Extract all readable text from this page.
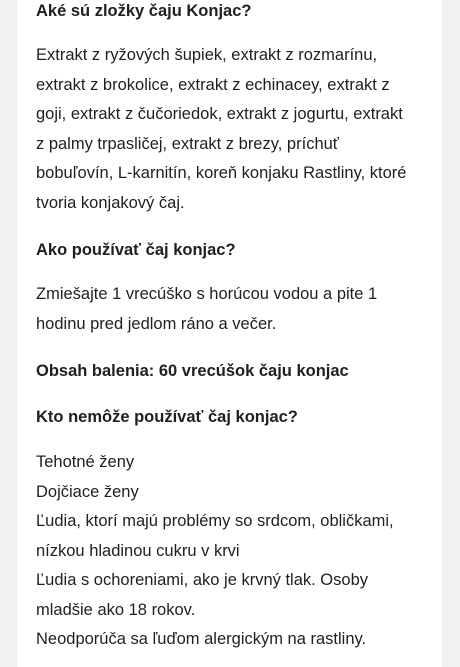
Aké sú zložky čaju Konjac?
Extrakt z ryžových šupiek, extrakt z rozmarínu,
extrakt z brokolice, extrakt z echinacey, extrakt z
goji, extrakt z čučoriedok, extrakt z jogurtu, extrakt
z palmy trpasličej, extrakt z brezy, príchuť
bobuľovín, L-karnitín, koreň konjaku Rastliny, ktoré
tvoria konjakový čaj.
Ako používať čaj konjac?
Zmiešajte 1 vrecúško s horúcou vodou a pite 1
hodinu pred jedlom ráno a večer.
Obsah balenia: 60 vrecúšok čaju konjac
Kto nemôže používať čaj konjac?
Tehotné ženy
Dojčiace ženy
Ľudia, ktorí majú problémy so srdcom, obličkami,
nízkou hladinou cukru v krvi
Ľudia s ochoreniami, ako je krvný tlak. Osoby
mladšie ako 18 rokov.
Neodporúča sa ľuďom alergickým na rastliny.
